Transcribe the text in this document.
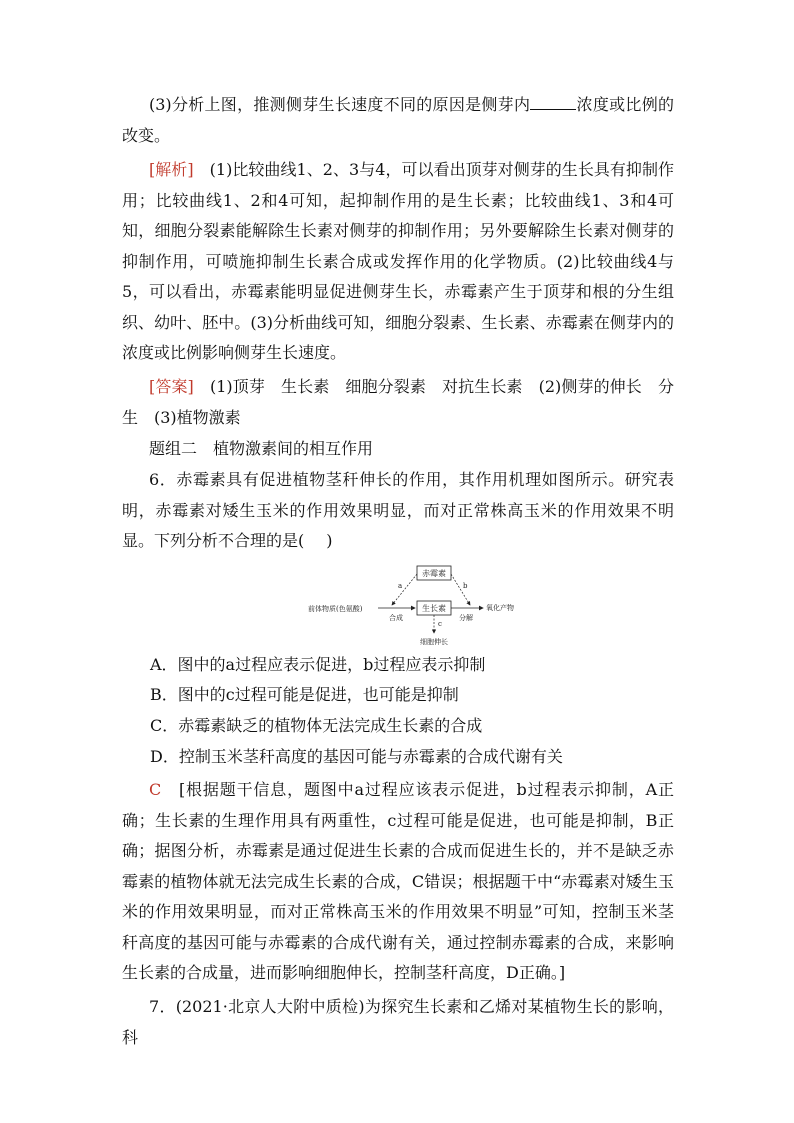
(3)分析上图，推测侧芽生长速度不同的原因是侧芽内	浓度或比例的改变。

[解析]　 (1)比较曲线1、2、3与4，可以看出顶芽对侧芽的生长具有抑制作用；比较曲线1、2和4可知，起抑制作用的是生长素；比较曲线1、3和4可知，细胞分裂素能解除生长素对侧芽的抑制作用；另外要解除生长素对侧芽的抑制作用，可喷施抑制生长素合成或发挥作用的化学物质。(2)比较曲线4与5，可以看出，赤霉素能明显促进侧芽生长，赤霉素产生于顶芽和根的分生组织、幼叶、胚中。(3)分析曲线可知，细胞分裂素、生长素、赤霉素在侧芽内的浓度或比例影响侧芽生长速度。

[答案]　 (1)顶芽　生长素　细胞分裂素　对抗生长素　(2)侧芽的伸长　分生　(3)植物激素

题组二　植物激素间的相互作用

6．赤霉素具有促进植物茎秆伸长的作用，其作用机理如图所示。研究表明，赤霉素对矮生玉米的作用效果明显，而对正常株高玉米的作用效果不明显。下列分析不合理的是( )

赤霉素
生长素
前体物质(色氨酸)	氧化产物
合成	分解
a	b
c
细胞伸长

A．图中的a过程应表示促进，b过程应表示抑制

B．图中的c过程可能是促进，也可能是抑制

C．赤霉素缺乏的植物体无法完成生长素的合成

D．控制玉米茎秆高度的基因可能与赤霉素的合成代谢有关

C　 [根据题干信息，题图中a过程应该表示促进，b过程表示抑制，A正确；生长素的生理作用具有两重性，c过程可能是促进，也可能是抑制，B正确；据图分析，赤霉素是通过促进生长素的合成而促进生长的，并不是缺乏赤霉素的植物体就无法完成生长素的合成，C错误；根据题干中“赤霉素对矮生玉米的作用效果明显，而对正常株高玉米的作用效果不明显”可知，控制玉米茎秆高度的基因可能与赤霉素的合成代谢有关，通过控制赤霉素的合成，来影响生长素的合成量，进而影响细胞伸长，控制茎秆高度，D正确。]

7．(2021·北京人大附中质检)为探究生长素和乙烯对某植物生长的影响，科
